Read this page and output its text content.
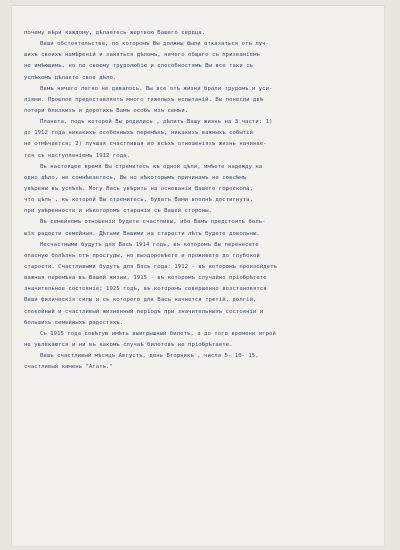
почему вѣри каждому, дѣлаетесь жертвою Вашего сердца.
Ваши обстоятельства, по которомъ Вы должны были отказаться отъ луч-
шихъ своихъ намѣреній и заняться дѣломъ, ничего общаго съ призваніемъ
не имѣющимъ, но по своему трудолюбію и способностямъ Вы все таки съ
успѣхомъ дѣлаете свое дѣло.
Вамъ ничего легко не давалось. Вы все отъ жизни брали трудомъ и уси-
ліями. Прошлое предоставляетъ много тяжелыхъ испытаній. Вы понесли двѣ
потери близкихъ и дорогихъ Вамъ особъ изъ семьи.
Планета, подъ которой Вы родились , дѣлитъ Вашу жизнь на 3 части: 1)
до 1912 года никакихъ особенныхъ перемѣнъ, никакихъ важныхъ событій
не отмѣчается; 2) лучшая счастливая во всѣхъ отношеніяхъ жизнь начинае-
тся съ наступленіемъ 1912 года.
Въ настоящее время Вы стремитесь къ одной цѣли, имѣете надежду на
одно дѣло, не сомнѣваетесь, Вы но нѣкоторымъ причинамъ не совсѣмъ
увѣрены въ успѣхѣ. Могу Васъ увѣрить на основаніи Вашего гороскопа,
что цѣль , къ которой Вы стремитесь, будетъ Вами вполнѣ достигнута,
при увѣренности и нѣкоторомъ стараніи съ Вашей стороны.
Въ семейномъ отношеніи будете счастливы, ибо Вамъ предстоитъ боль-
шія радости семейныя. Дѣтьми Вашими на старости лѣтъ будете довольны.
Несчастными будутъ для Васъ 1914 годъ, въ которомъ Вы перенесете
опасную болѣзнь отъ простуды, но выздоровѣете и проживете до глубокой
старости. Счастливыми будутъ для Васъ года: 1912 - въ которомъ произойдетъ
важная перемѣна въ Вашей жизни, 1915 - въ которомъ случайно пріобрѣтете
значительное состояніе; 1925 годъ, въ которомъ совершенно возстановятся
Ваши физическія силы и съ которого для Васъ начнется третій, долгій,
спокойный и счастливый жизненный періодъ при значительныхъ состояніи и
большихъ семейныхъ радостяхъ.
Съ 1915 года совѣтую имѣть выигрышный билетъ, а до того времени игрой
не увлекаются и ни въ какомъ случаѣ билетовъ не пріобрѣтаете.
Вашъ счастливый мѣсяцъ Августъ, день Вторникъ , числа 5- 10- 15,
счастливый камень "Агатъ."
